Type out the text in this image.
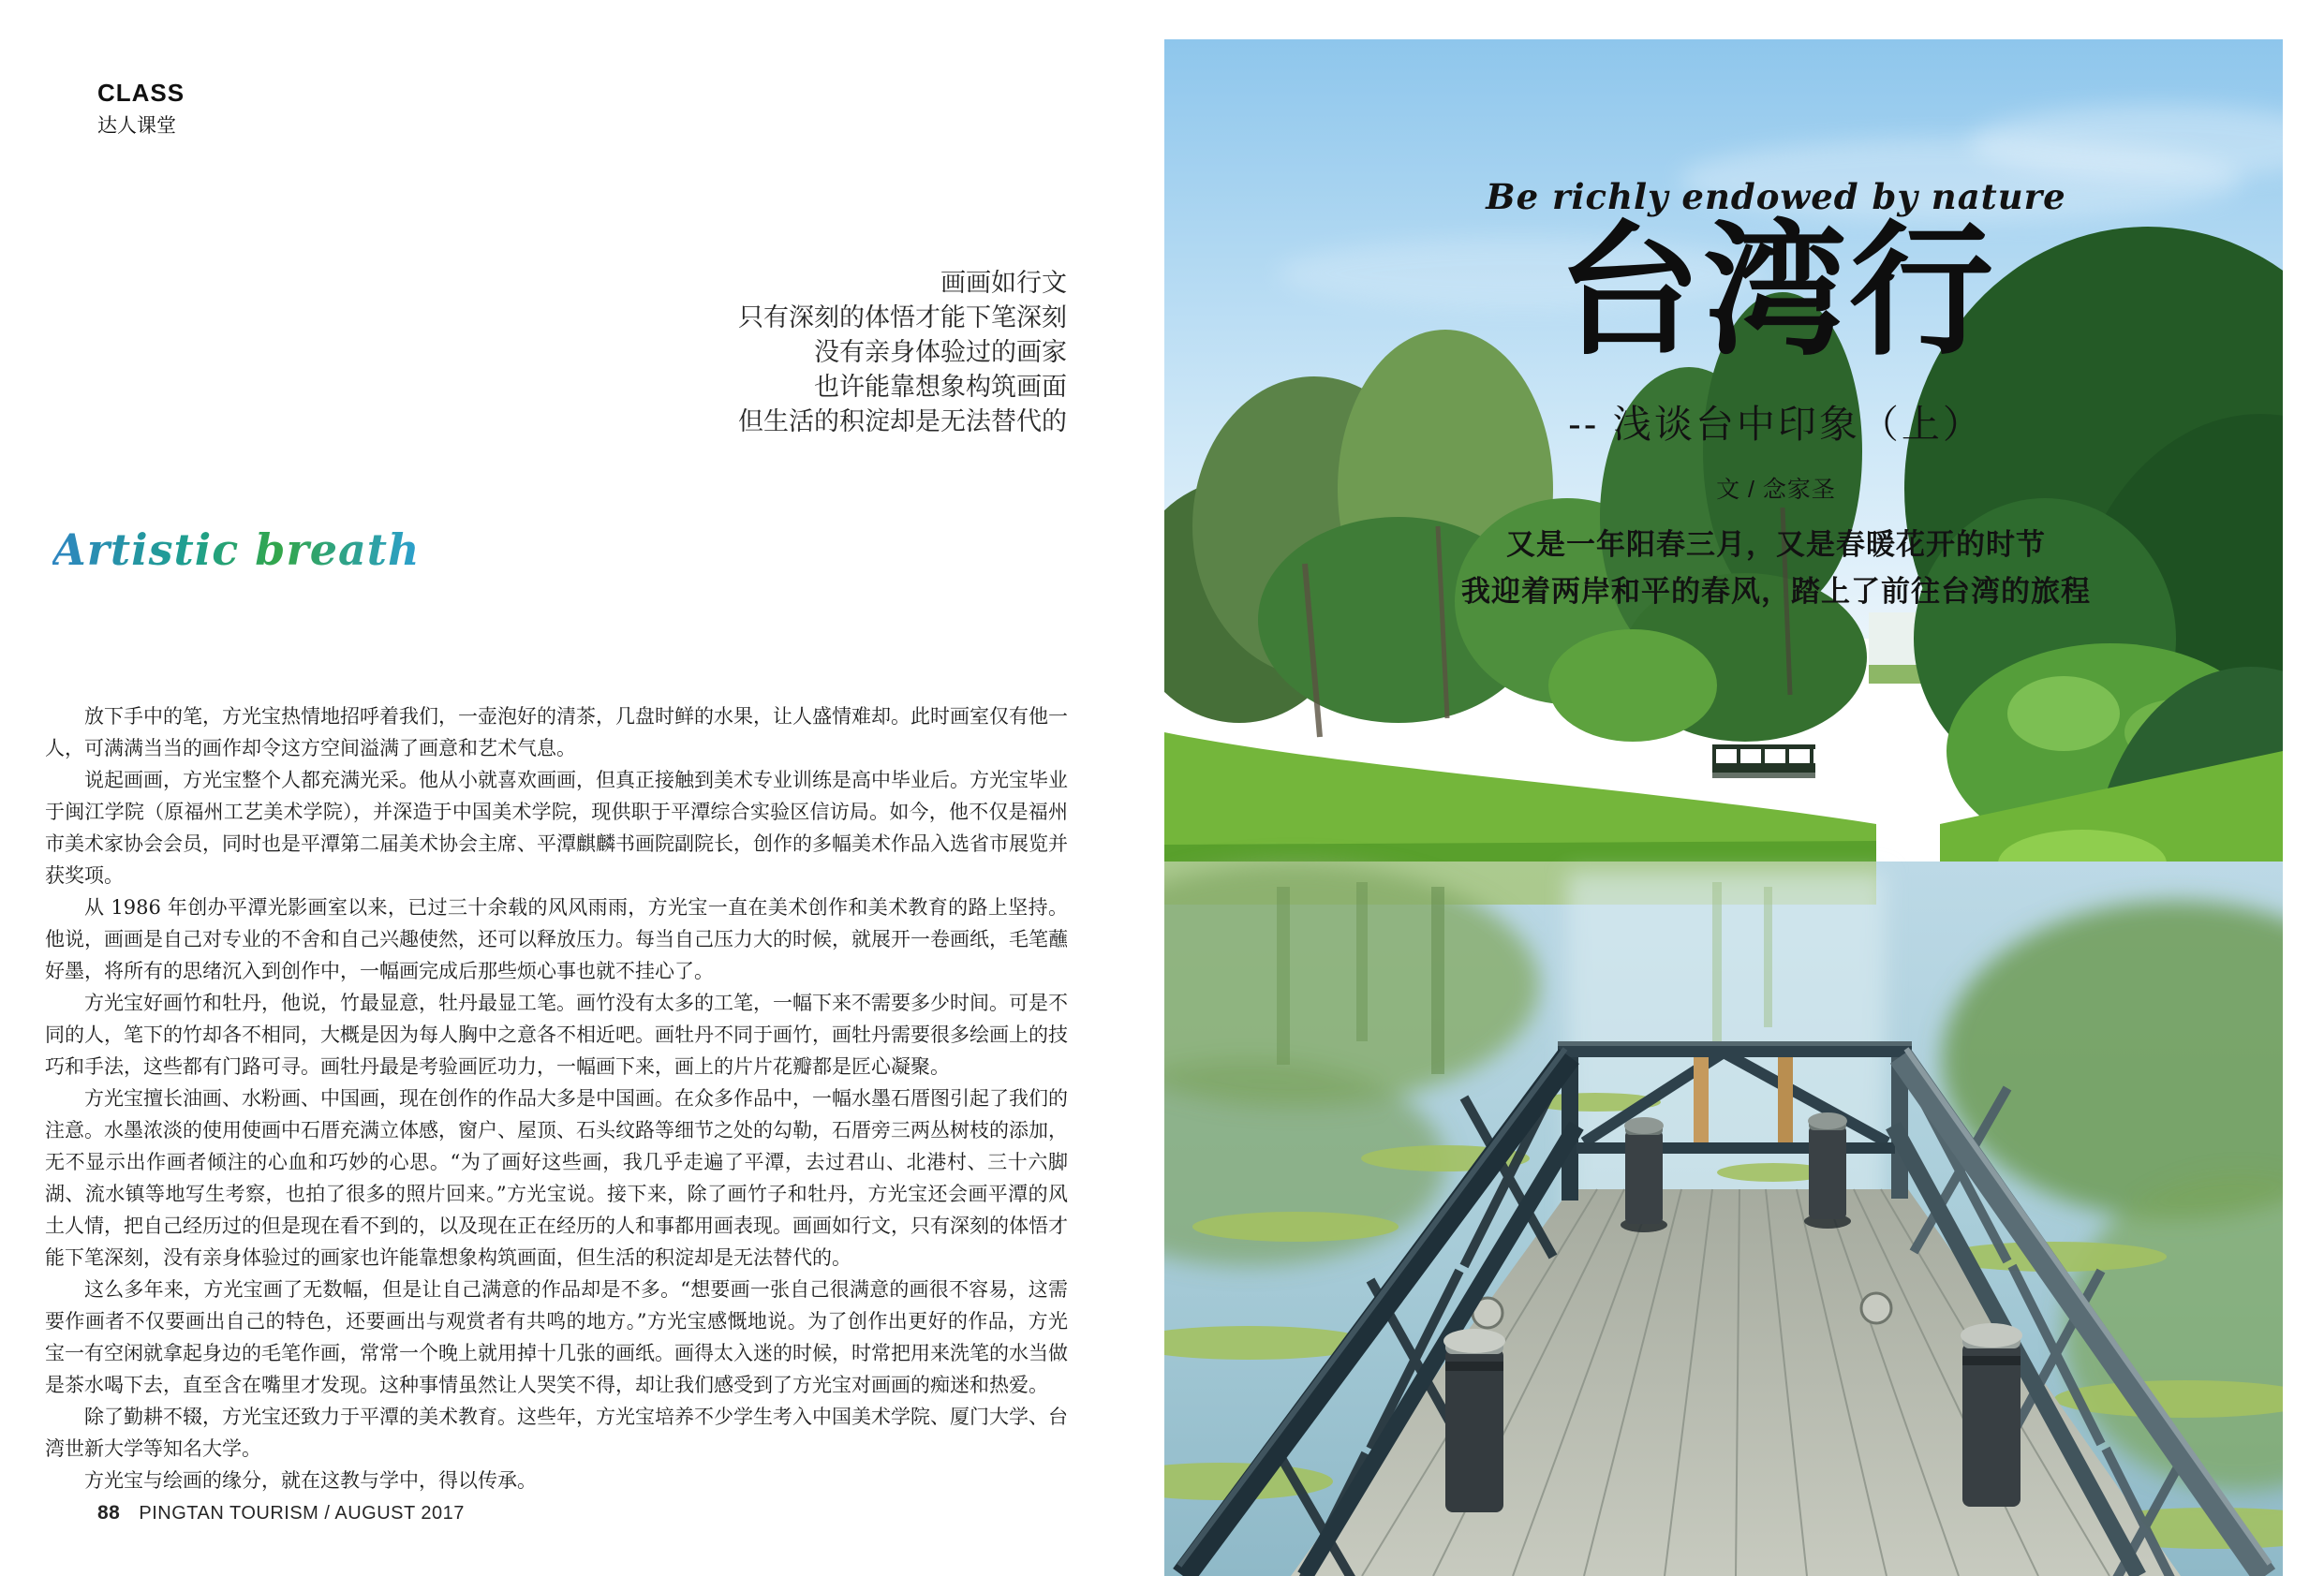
CLASS
达人课堂
画画如行文
只有深刻的体悟才能下笔深刻
没有亲身体验过的画家
也许能靠想象构筑画面
但生活的积淀却是无法替代的
Artistic breath

放下手中的笔，方光宝热情地招呼着我们，一壶泡好的清茶，几盘时鲜的水果，让人盛情难却。此时画室仅有他一人，可满满当当的画作却令这方空间溢满了画意和艺术气息。

说起画画，方光宝整个人都充满光采。他从小就喜欢画画，但真正接触到美术专业训练是高中毕业后。方光宝毕业于闽江学院（原福州工艺美术学院），并深造于中国美术学院，现供职于平潭综合实验区信访局。如今，他不仅是福州市美术家协会会员，同时也是平潭第二届美术协会主席、平潭麒麟书画院副院长，创作的多幅美术作品入选省市展览并获奖项。

从 1986 年创办平潭光影画室以来，已过三十余载的风风雨雨，方光宝一直在美术创作和美术教育的路上坚持。他说，画画是自己对专业的不舍和自己兴趣使然，还可以释放压力。每当自己压力大的时候，就展开一卷画纸，毛笔蘸好墨，将所有的思绪沉入到创作中，一幅画完成后那些烦心事也就不挂心了。

方光宝好画竹和牡丹，他说，竹最显意，牡丹最显工笔。画竹没有太多的工笔，一幅下来不需要多少时间。可是不同的人，笔下的竹却各不相同，大概是因为每人胸中之意各不相近吧。画牡丹不同于画竹，画牡丹需要很多绘画上的技巧和手法，这些都有门路可寻。画牡丹最是考验画匠功力，一幅画下来，画上的片片花瓣都是匠心凝聚。

方光宝擅长油画、水粉画、中国画，现在创作的作品大多是中国画。在众多作品中，一幅水墨石厝图引起了我们的注意。水墨浓淡的使用使画中石厝充满立体感，窗户、屋顶、石头纹路等细节之处的勾勒，石厝旁三两丛树枝的添加，无不显示出作画者倾注的心血和巧妙的心思。“为了画好这些画，我几乎走遍了平潭，去过君山、北港村、三十六脚湖、流水镇等地写生考察，也拍了很多的照片回来。”方光宝说。接下来，除了画竹子和牡丹，方光宝还会画平潭的风土人情，把自己经历过的但是现在看不到的，以及现在正在经历的人和事都用画表现。画画如行文，只有深刻的体悟才能下笔深刻，没有亲身体验过的画家也许能靠想象构筑画面，但生活的积淀却是无法替代的。

这么多年来，方光宝画了无数幅，但是让自己满意的作品却是不多。“想要画一张自己很满意的画很不容易，这需要作画者不仅要画出自己的特色，还要画出与观赏者有共鸣的地方。”方光宝感慨地说。为了创作出更好的作品，方光宝一有空闲就拿起身边的毛笔作画，常常一个晚上就用掉十几张的画纸。画得太入迷的时候，时常把用来洗笔的水当做是茶水喝下去，直至含在嘴里才发现。这种事情虽然让人哭笑不得，却让我们感受到了方光宝对画画的痴迷和热爱。

除了勤耕不辍，方光宝还致力于平潭的美术教育。这些年，方光宝培养不少学生考入中国美术学院、厦门大学、台湾世新大学等知名大学。

方光宝与绘画的缘分，就在这教与学中，得以传承。

88 PINGTAN TOURISM / AUGUST 2017
Be richly endowed by nature
台湾行
-- 浅谈台中印象（上）
文 / 念家圣
又是一年阳春三月，又是春暖花开的时节
我迎着两岸和平的春风，踏上了前往台湾的旅程
